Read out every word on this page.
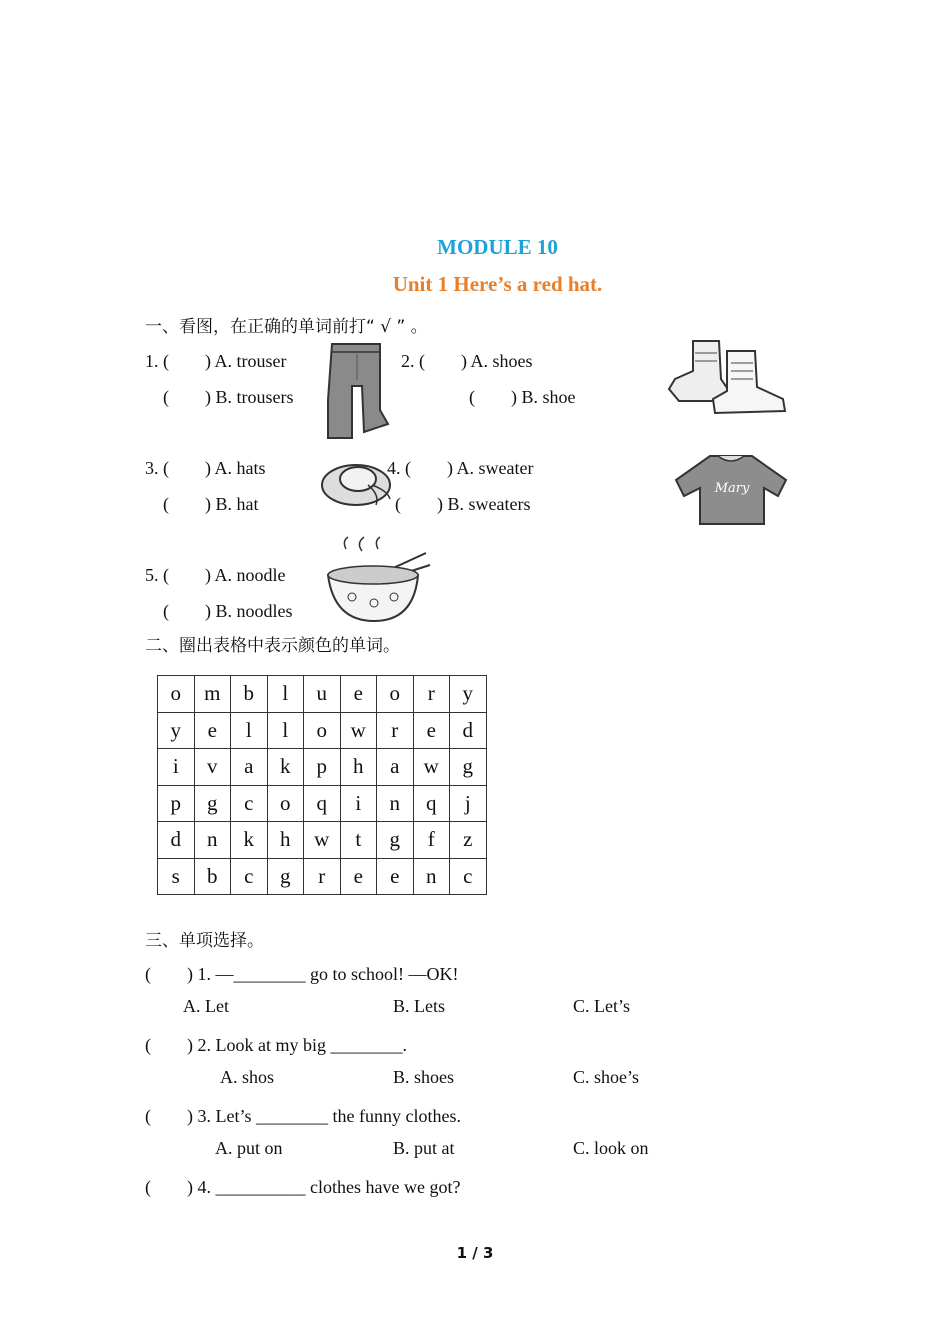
MODULE 10
Unit 1 Here’s a red hat.
一、看图，在正确的单词前打“ √ ” 。
1. (　　) A. trouser
(　　) B. trousers
2. (　　) A. shoes
(　　) B. shoe
3. (　　) A. hats
(　　) B. hat
4. (　　) A. sweater
(　　) B. sweaters
Mary
5. (　　) A. noodle
(　　) B. noodles
二、圈出表格中表示颜色的单词。
o	m	b	l	u	e	o	r	y
y	e	l	l	o	w	r	e	d
i	v	a	k	p	h	a	w	g
p	g	c	o	q	i	n	q	j
d	n	k	h	w	t	g	f	z
s	b	c	g	r	e	e	n	c
三、单项选择。
(　　) 1. —________ go to school! —OK!
A. Let	B. Lets	C. Let’s
(　　) 2. Look at my big ________.
A. shos	B. shoes	C. shoe’s
(　　) 3. Let’s ________ the funny clothes.
A. put on	B. put at	C. look on
(　　) 4. __________ clothes have we got?
1 / 3
